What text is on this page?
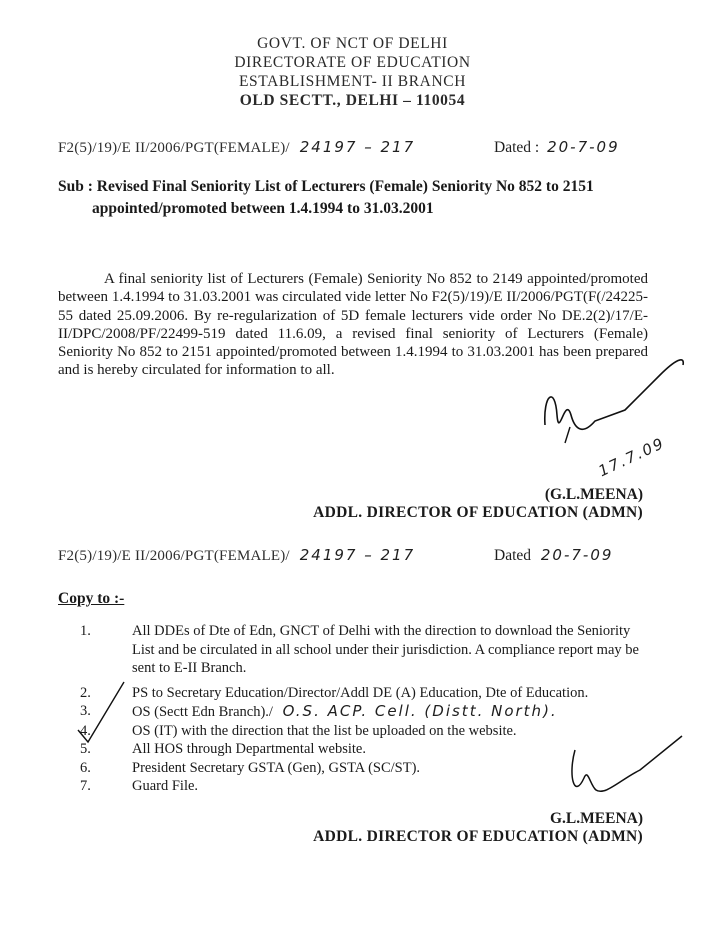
GOVT. OF NCT OF DELHI
DIRECTORATE OF EDUCATION
ESTABLISHMENT- II BRANCH
OLD SECTT., DELHI – 110054
F2(5)/19)/E II/2006/PGT(FEMALE)/ 24197 – 217	Dated : 20-7-09
Sub : Revised Final Seniority List of Lecturers (Female) Seniority No 852 to 2151
appointed/promoted between 1.4.1994 to 31.03.2001
A final seniority list of Lecturers (Female) Seniority No 852 to 2149 appointed/promoted between 1.4.1994 to 31.03.2001 was circulated vide letter No F2(5)/19)/E II/2006/PGT(F(/24225-55 dated 25.09.2006. By re-regularization of 5D female lecturers vide order No DE.2(2)/17/E-II/DPC/2008/PF/22499-519 dated 11.6.09, a revised final seniority of Lecturers (Female) Seniority No 852 to 2151 appointed/promoted between 1.4.1994 to 31.03.2001 has been prepared and is hereby circulated for information to all.
17.7.09
(G.L.MEENA)
ADDL. DIRECTOR OF EDUCATION (ADMN)
F2(5)/19)/E II/2006/PGT(FEMALE)/ 24197 – 217	Dated 20-7-09
Copy to :-
1.	All DDEs of Dte of Edn, GNCT of Delhi with the direction to download the Seniority List and be circulated in all school under their jurisdiction. A compliance report may be sent to E-II Branch.
2.	PS to Secretary Education/Director/Addl DE (A) Education, Dte of Education.
3.	OS (Sectt Edn Branch)./ O.S. ACP. Cell. (Distt. North).
4.	OS (IT) with the direction that the list be uploaded on the website.
5.	All HOS through Departmental website.
6.	President Secretary GSTA (Gen), GSTA (SC/ST).
7.	Guard File.
G.L.MEENA)
ADDL. DIRECTOR OF EDUCATION (ADMN)
